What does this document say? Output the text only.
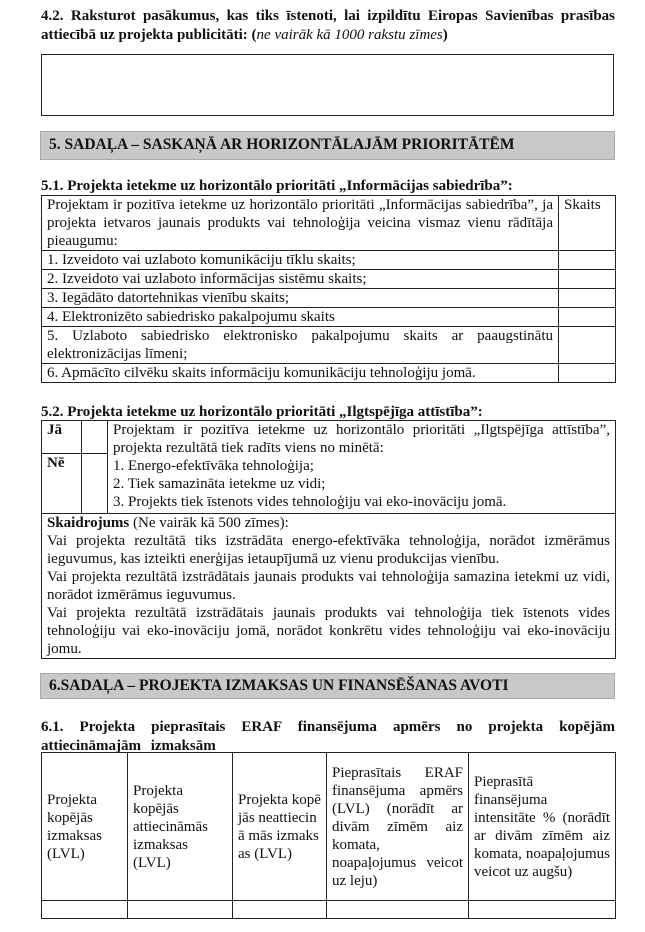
4.2. Raksturot pasākumus, kas tiks īstenoti, lai izpildītu Eiropas Savienības prasības attiecībā uz projekta publicitāti: (ne vairāk kā 1000 rakstu zīmes)
5. SADAĻA – SASKAŅĀ AR HORIZONTĀLAJĀM PRIORITĀTĒM
5.1. Projekta ietekme uz horizontālo prioritāti „Informācijas sabiedrība”:
Projektam ir pozitīva ietekme uz horizontālo prioritāti „Informācijas sabiedrība”, ja projekta ietvaros jaunais produkts vai tehnoloģija veicina vismaz vienu rādītāja pieaugumu:	Skaits
1. Izveidoto vai uzlaboto komunikāciju tīklu skaits;	
2. Izveidoto vai uzlaboto informācijas sistēmu skaits;	
3. Iegādāto datortehnikas vienību skaits;	
4. Elektronizēto sabiedrisko pakalpojumu skaits	
5. Uzlaboto sabiedrisko elektronisko pakalpojumu skaits ar paaugstinātu elektronizācijas līmeni;	
6. Apmācīto cilvēku skaits informāciju komunikāciju tehnoloģiju jomā.	
5.2. Projekta ietekme uz horizontālo prioritāti „Ilgtspējīga attīstība”:
Jā		Projektam ir pozitīva ietekme uz horizontālo prioritāti „Ilgtspējīga attīstība”, projekta rezultātā tiek radīts viens no minētā:
1. Energo-efektīvāka tehnoloģija;
2. Tiek samazināta ietekme uz vidi;
3. Projekts tiek īstenots vides tehnoloģiju vai eko-inovāciju jomā.

Nē		

Skaidrojums (Ne vairāk kā 500 zīmes):
Vai projekta rezultātā tiks izstrādāta energo-efektīvāka tehnoloģija, norādot izmērāmus ieguvumus, kas izteikti enerģijas ietaupījumā uz vienu produkcijas vienību.
Vai projekta rezultātā izstrādātais jaunais produkts vai tehnoloģija samazina ietekmi uz vidi, norādot izmērāmus ieguvumus.
Vai projekta rezultātā izstrādātais jaunais produkts vai tehnoloģija tiek īstenots vides tehnoloģiju vai eko-inovāciju jomā, norādot konkrētu vides tehnoloģiju vai eko-inovāciju jomu.		
6.SADAĻA – PROJEKTA IZMAKSAS UN FINANSĒŠANAS AVOTI
6.1. Projekta pieprasītais ERAF finansējuma apmērs no projekta kopējām attiecināmajām izmaksām
Projekta kopējās izmaksas (LVL)	Projekta kopējās attiecināmās izmaksas (LVL)	Projekta kopējās neattiecinā mās izmaksas (LVL)	Pieprasītais ERAF finansējuma apmērs (LVL) (norādīt ar divām zīmēm aiz komata, noapaļojumus veicot uz leju)	Pieprasītā finansējuma intensitāte % (norādīt ar divām zīmēm aiz komata, noapaļojumus veicot uz augšu)
